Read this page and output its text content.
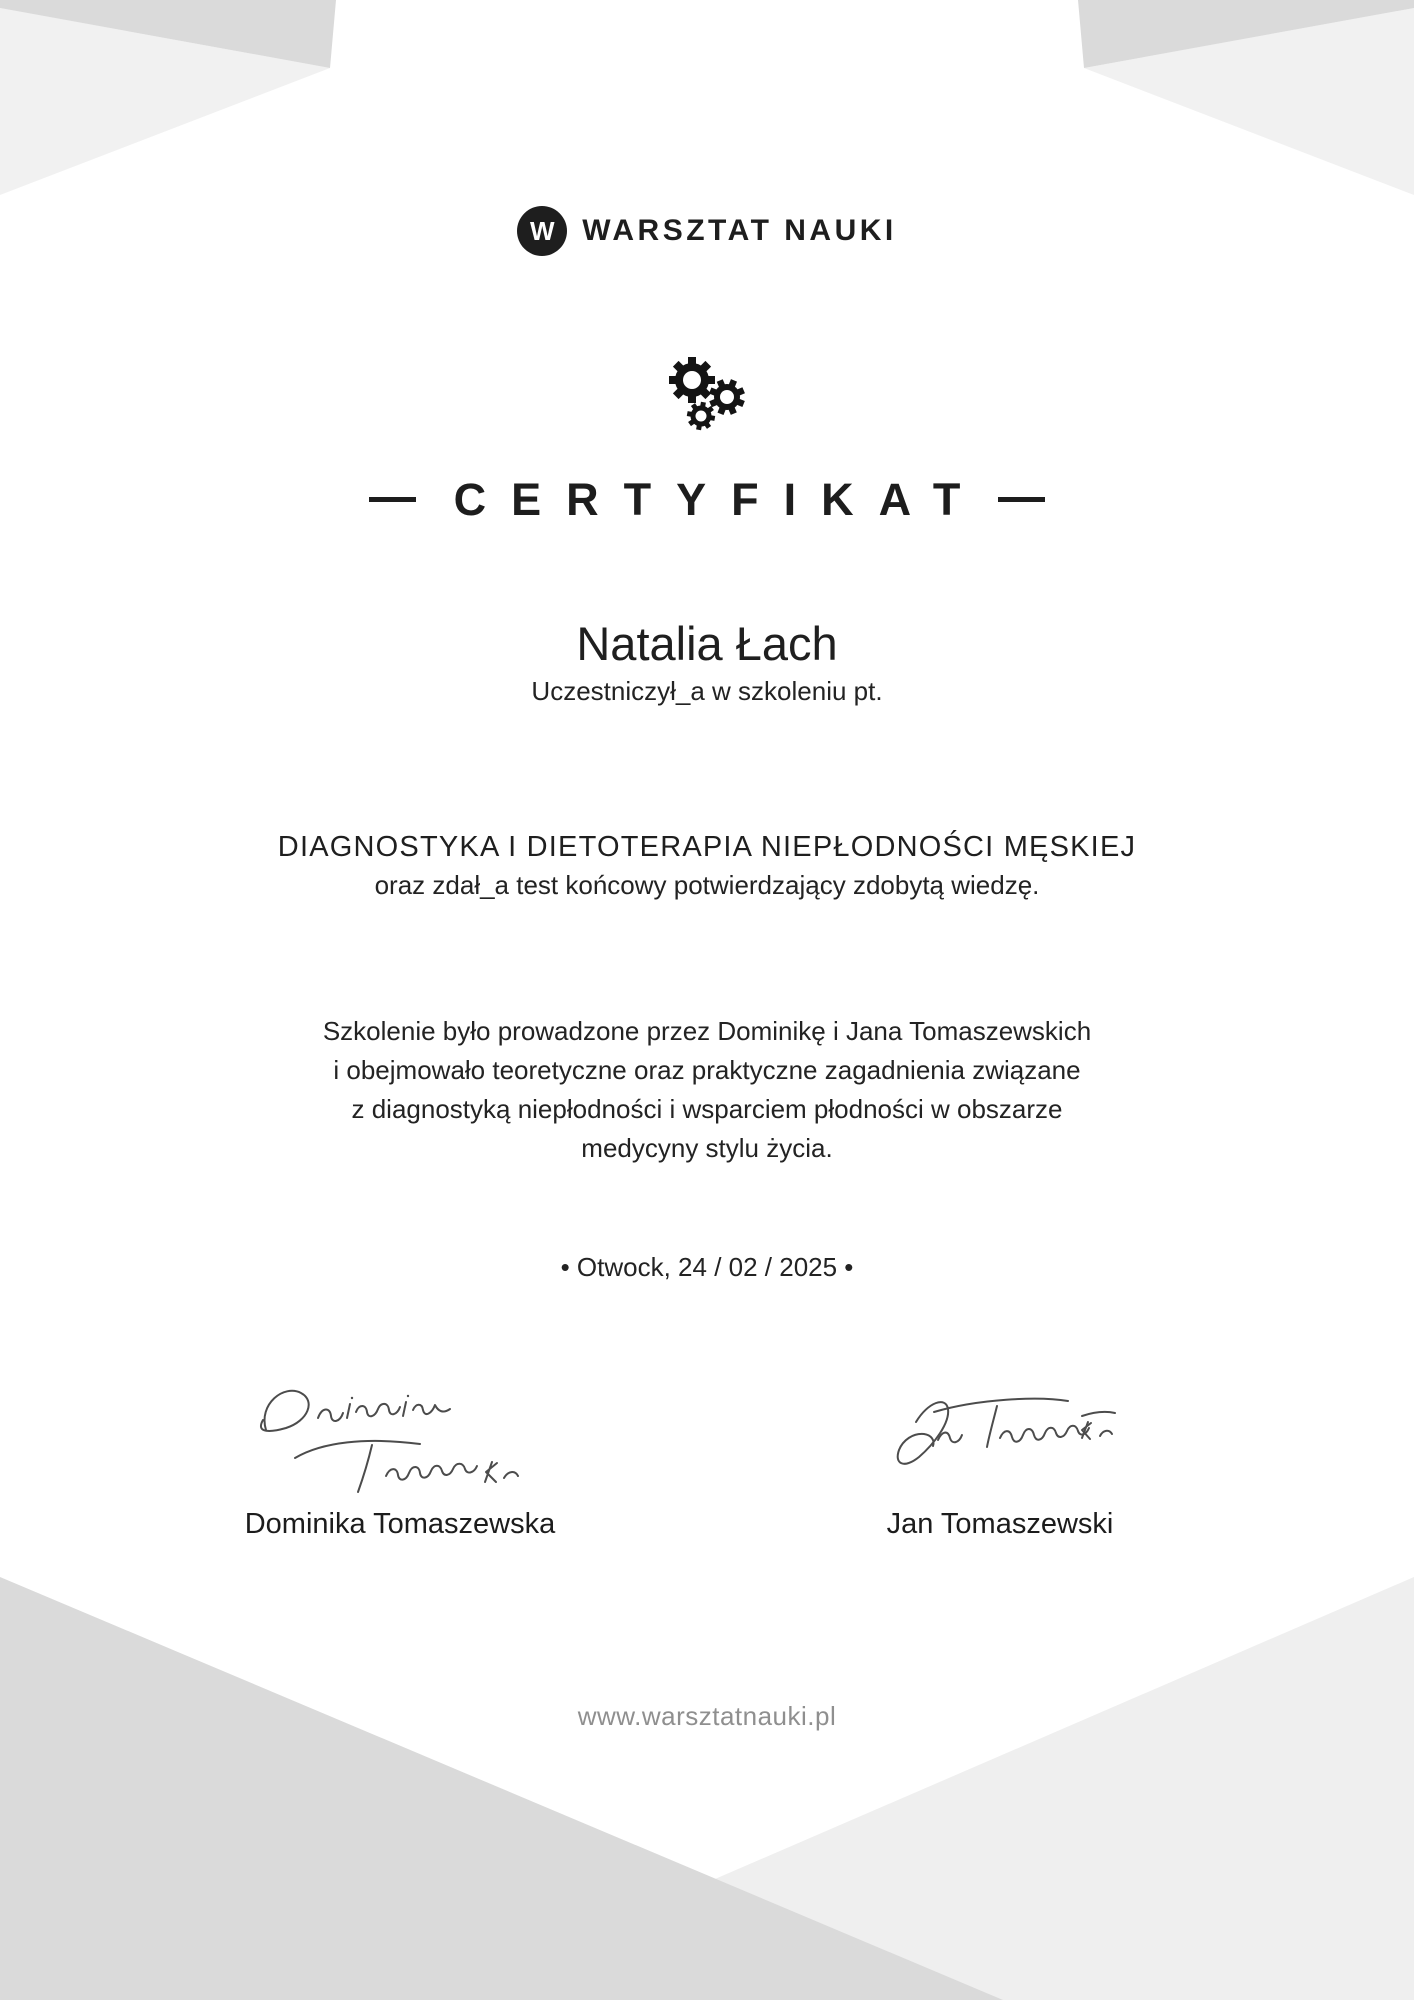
W WARSZTAT NAUKI
CERTYFIKAT
Natalia Łach
Uczestniczył_a w szkoleniu pt.
DIAGNOSTYKA I DIETOTERAPIA NIEPŁODNOŚCI MĘSKIEJ
oraz zdał_a test końcowy potwierdzający zdobytą wiedzę.
Szkolenie było prowadzone przez Dominikę i Jana Tomaszewskich
i obejmowało teoretyczne oraz praktyczne zagadnienia związane
z diagnostyką niepłodności i wsparciem płodności w obszarze
medycyny stylu życia.
• Otwock, 24 / 02 / 2025 •
Dominika Tomaszewska	Jan Tomaszewski
www.warsztatnauki.pl
